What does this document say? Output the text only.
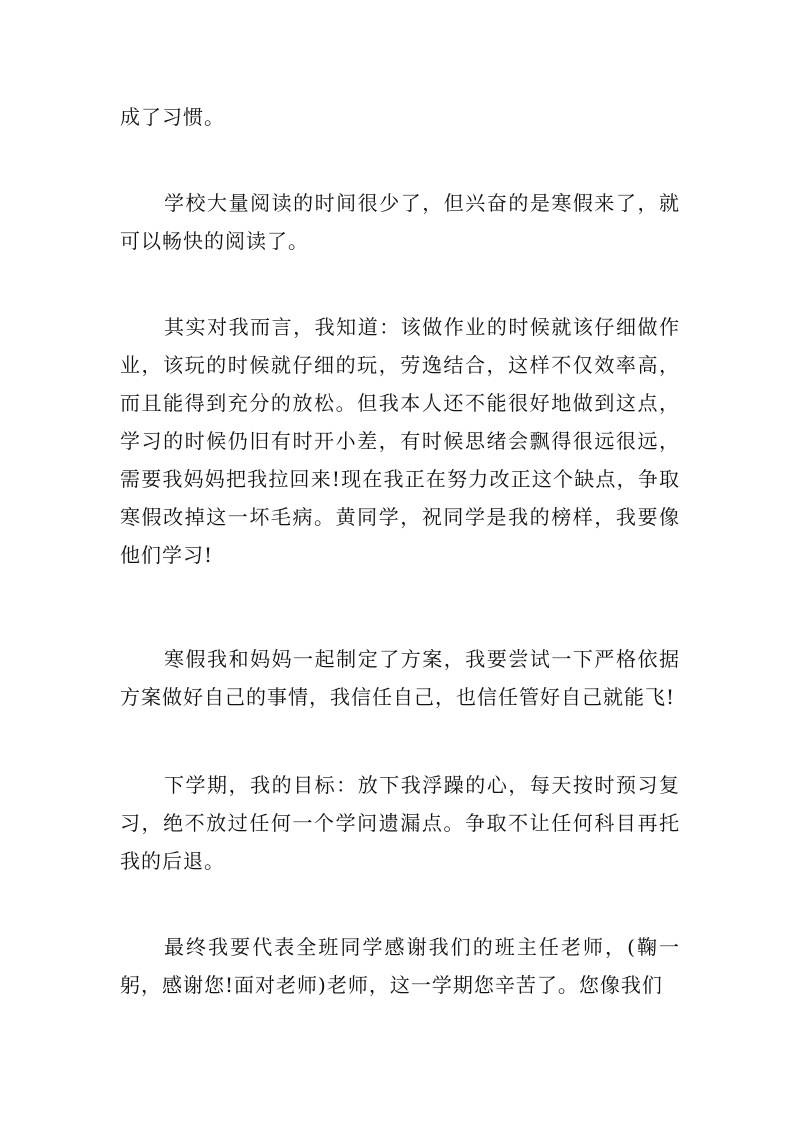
成了习惯。

学校大量阅读的时间很少了，但兴奋的是寒假来了，就可以畅快的阅读了。

其实对我而言，我知道：该做作业的时候就该仔细做作业，该玩的时候就仔细的玩，劳逸结合，这样不仅效率高，而且能得到充分的放松。但我本人还不能很好地做到这点，学习的时候仍旧有时开小差，有时候思绪会飘得很远很远，需要我妈妈把我拉回来!现在我正在努力改正这个缺点，争取寒假改掉这一坏毛病。黄同学，祝同学是我的榜样，我要像他们学习!

寒假我和妈妈一起制定了方案，我要尝试一下严格依据方案做好自己的事情，我信任自己，也信任管好自己就能飞!

下学期，我的目标：放下我浮躁的心，每天按时预习复习，绝不放过任何一个学问遗漏点。争取不让任何科目再托我的后退。

最终我要代表全班同学感谢我们的班主任老师，(鞠一躬，感谢您!面对老师)老师，这一学期您辛苦了。您像我们
